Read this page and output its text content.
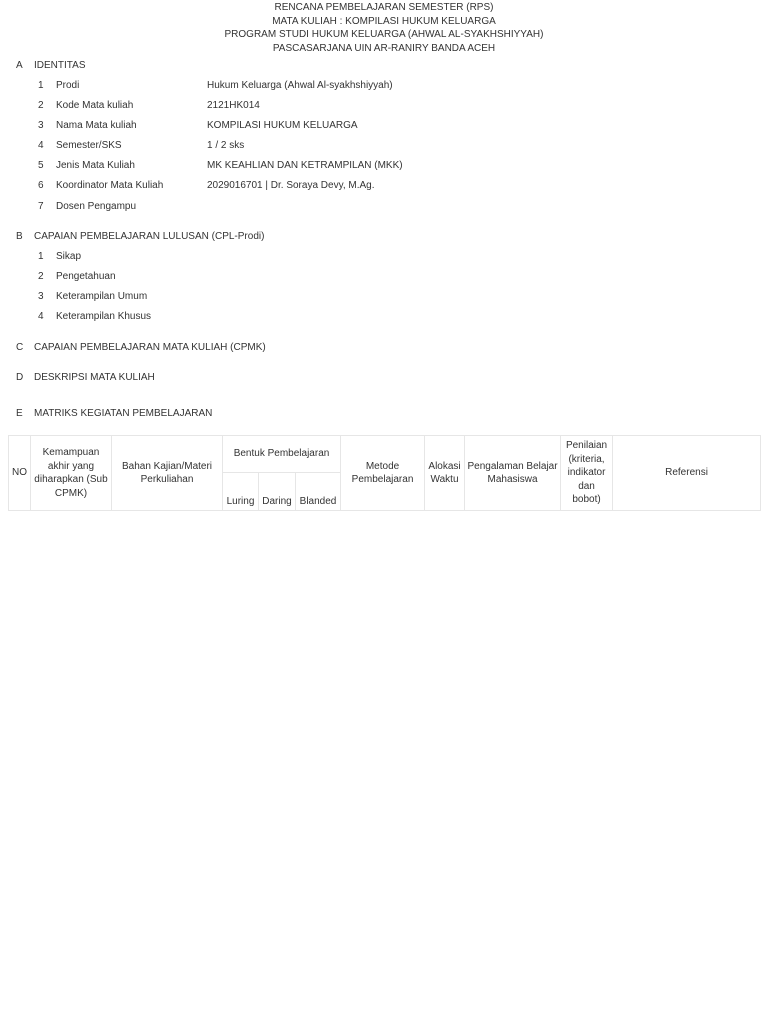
RENCANA PEMBELAJARAN SEMESTER (RPS)
MATA KULIAH : KOMPILASI HUKUM KELUARGA
PROGRAM STUDI HUKUM KELUARGA (AHWAL AL-SYAKHSHIYYAH)
PASCASARJANA UIN AR-RANIRY BANDA ACEH
A	IDENTITAS
1	Prodi	Hukum Keluarga (Ahwal Al-syakhshiyyah)
2	Kode Mata kuliah	2121HK014
3	Nama Mata kuliah	KOMPILASI HUKUM KELUARGA
4	Semester/SKS	1 / 2 sks
5	Jenis Mata Kuliah	MK KEAHLIAN DAN KETRAMPILAN (MKK)
6	Koordinator Mata Kuliah	2029016701 | Dr. Soraya Devy, M.Ag.
7	Dosen Pengampu
B	CAPAIAN PEMBELAJARAN LULUSAN (CPL-Prodi)
1	Sikap
2	Pengetahuan
3	Keterampilan Umum
4	Keterampilan Khusus
C	CAPAIAN PEMBELAJARAN MATA KULIAH (CPMK)
D	DESKRIPSI MATA KULIAH
E	MATRIKS KEGIATAN PEMBELAJARAN
NO	Kemampuan akhir yang diharapkan (Sub CPMK)	Bahan Kajian/Materi Perkuliahan	Bentuk Pembelajaran			Metode Pembelajaran	Alokasi Waktu	Pengalaman Belajar Mahasiswa	Penilaian (kriteria, indikator dan bobot)	Referensi
			Luring	Daring	Blanded					
